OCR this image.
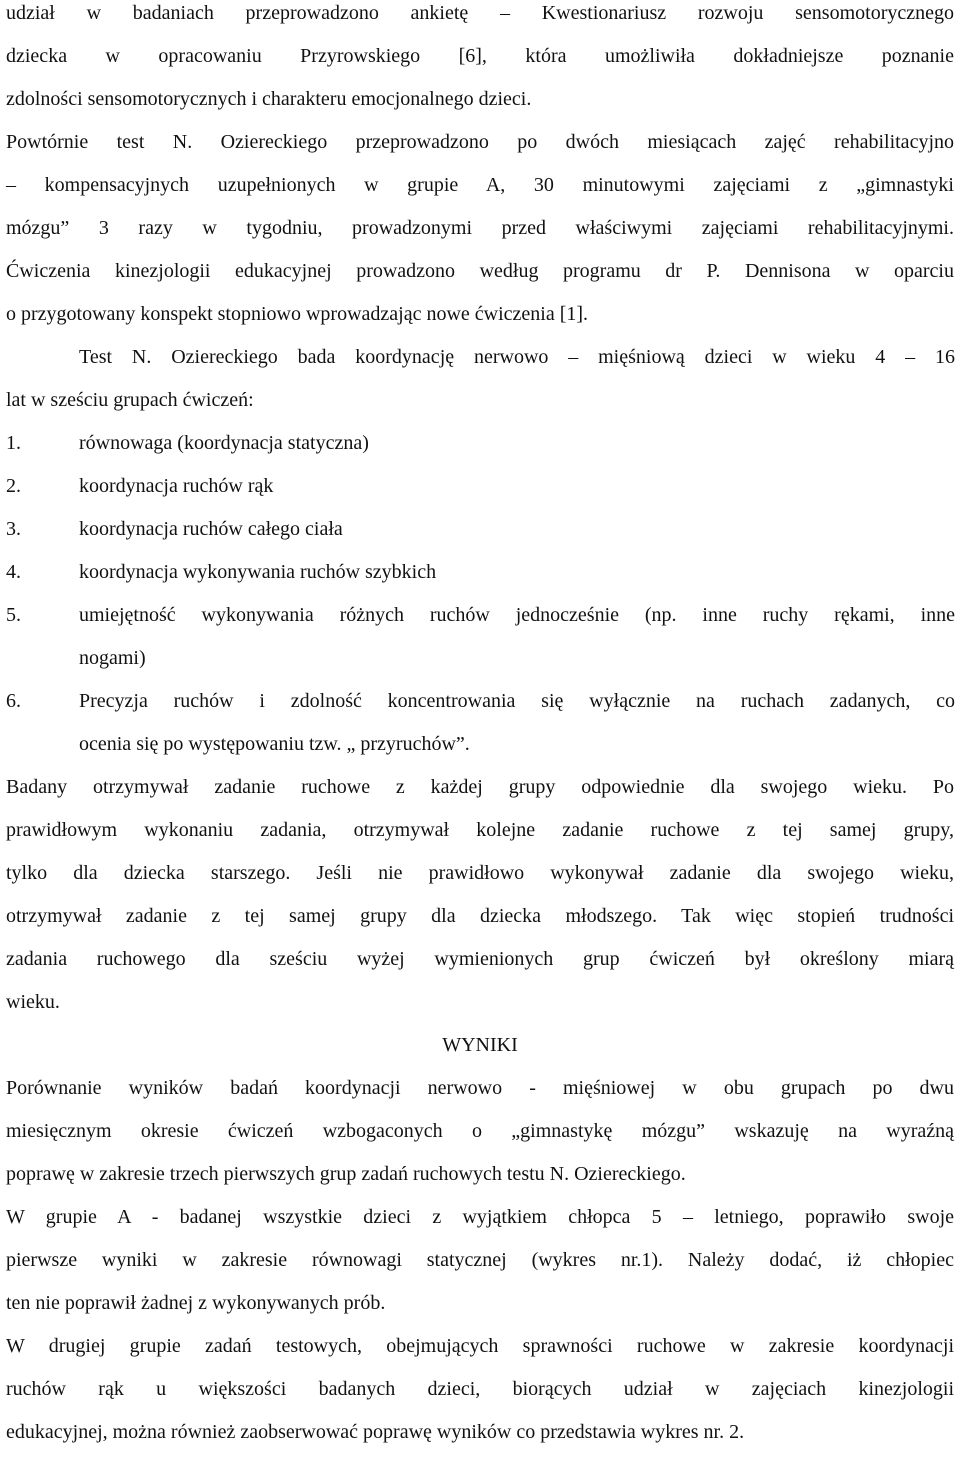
udział w badaniach przeprowadzono ankietę – Kwestionariusz rozwoju sensomotorycznego
dziecka w opracowaniu Przyrowskiego [6], która umożliwiła dokładniejsze poznanie
zdolności sensomotorycznych i charakteru emocjonalnego dzieci.
Powtórnie test N. Oziereckiego przeprowadzono po dwóch miesiącach zajęć rehabilitacyjno
– kompensacyjnych uzupełnionych w grupie A, 30 minutowymi zajęciami z „gimnastyki
mózgu” 3 razy w tygodniu, prowadzonymi przed właściwymi zajęciami rehabilitacyjnymi.
Ćwiczenia kinezjologii edukacyjnej prowadzono według programu dr P. Dennisona w oparciu
o przygotowany konspekt stopniowo wprowadzając nowe ćwiczenia [1].
Test N. Oziereckiego bada koordynację nerwowo – mięśniową dzieci w wieku 4 – 16
lat w sześciu grupach ćwiczeń:
1.	równowaga (koordynacja statyczna)
2.	koordynacja ruchów rąk
3.	koordynacja ruchów całego ciała
4.	koordynacja wykonywania ruchów szybkich
5.	umiejętność wykonywania różnych ruchów jednocześnie (np. inne ruchy rękami, inne
nogami)
6.	Precyzja ruchów i zdolność koncentrowania się wyłącznie na ruchach zadanych, co
ocenia się po występowaniu tzw. „ przyruchów”.
Badany otrzymywał zadanie ruchowe z każdej grupy odpowiednie dla swojego wieku. Po
prawidłowym wykonaniu zadania, otrzymywał kolejne zadanie ruchowe z tej samej grupy,
tylko dla dziecka starszego. Jeśli nie prawidłowo wykonywał zadanie dla swojego wieku,
otrzymywał zadanie z tej samej grupy dla dziecka młodszego. Tak więc stopień trudności
zadania ruchowego dla sześciu wyżej wymienionych grup ćwiczeń był określony miarą
wieku.
WYNIKI
Porównanie wyników badań koordynacji nerwowo - mięśniowej w obu grupach po dwu
miesięcznym okresie ćwiczeń wzbogaconych o „gimnastykę mózgu” wskazuję na wyraźną
poprawę w zakresie trzech pierwszych grup zadań ruchowych testu N. Oziereckiego.
W grupie A - badanej wszystkie dzieci z wyjątkiem chłopca 5 – letniego, poprawiło swoje
pierwsze wyniki w zakresie równowagi statycznej (wykres nr.1). Należy dodać, iż chłopiec
ten nie poprawił żadnej z wykonywanych prób.
W drugiej grupie zadań testowych, obejmujących sprawności ruchowe w zakresie koordynacji
ruchów rąk u większości badanych dzieci, biorących udział w zajęciach kinezjologii
edukacyjnej, można również zaobserwować poprawę wyników co przedstawia wykres nr. 2.
